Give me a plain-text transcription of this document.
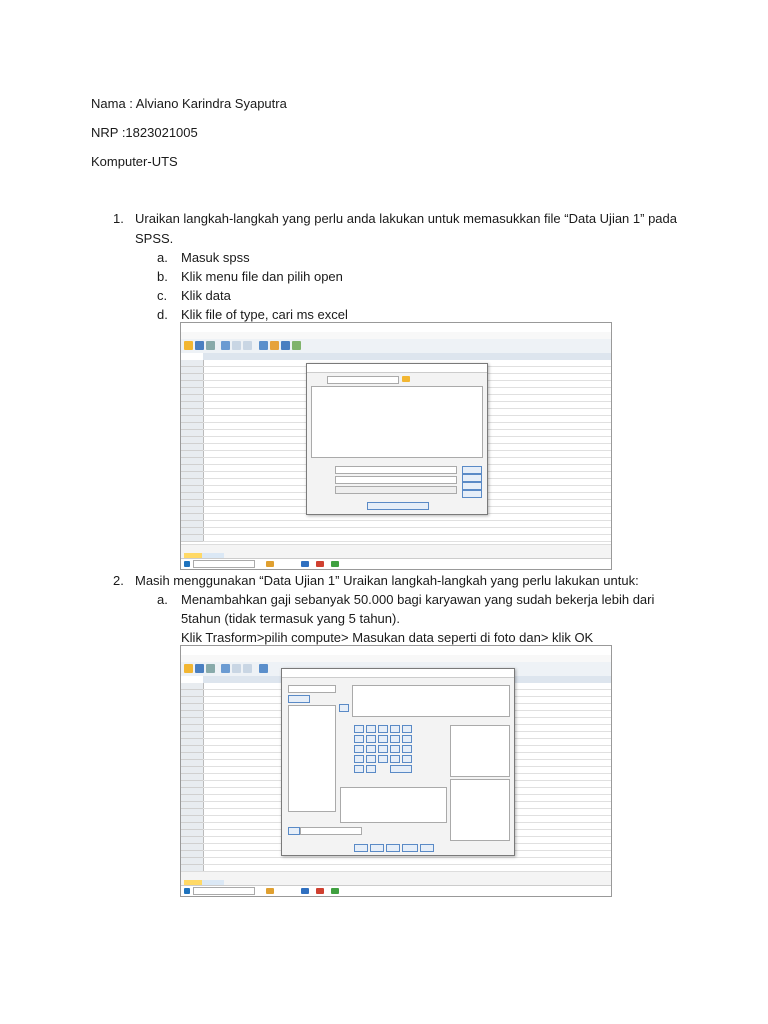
Nama : Alviano Karindra Syaputra
NRP :1823021005
Komputer-UTS
1. Uraikan langkah-langkah yang perlu anda lakukan untuk memasukkan file “Data Ujian 1” pada
SPSS.
a. Masuk spss
b. Klik menu file dan pilih open
c. Klik data
d. Klik file of type, cari ms excel

2. Masih menggunakan “Data Ujian 1” Uraikan langkah-langkah yang perlu lakukan untuk:
a. Menambahkan gaji sebanyak 50.000 bagi karyawan yang sudah bekerja lebih dari
5tahun (tidak termasuk yang 5 tahun).
Klik Trasform>pilih compute> Masukan data seperti di foto dan> klik OK
